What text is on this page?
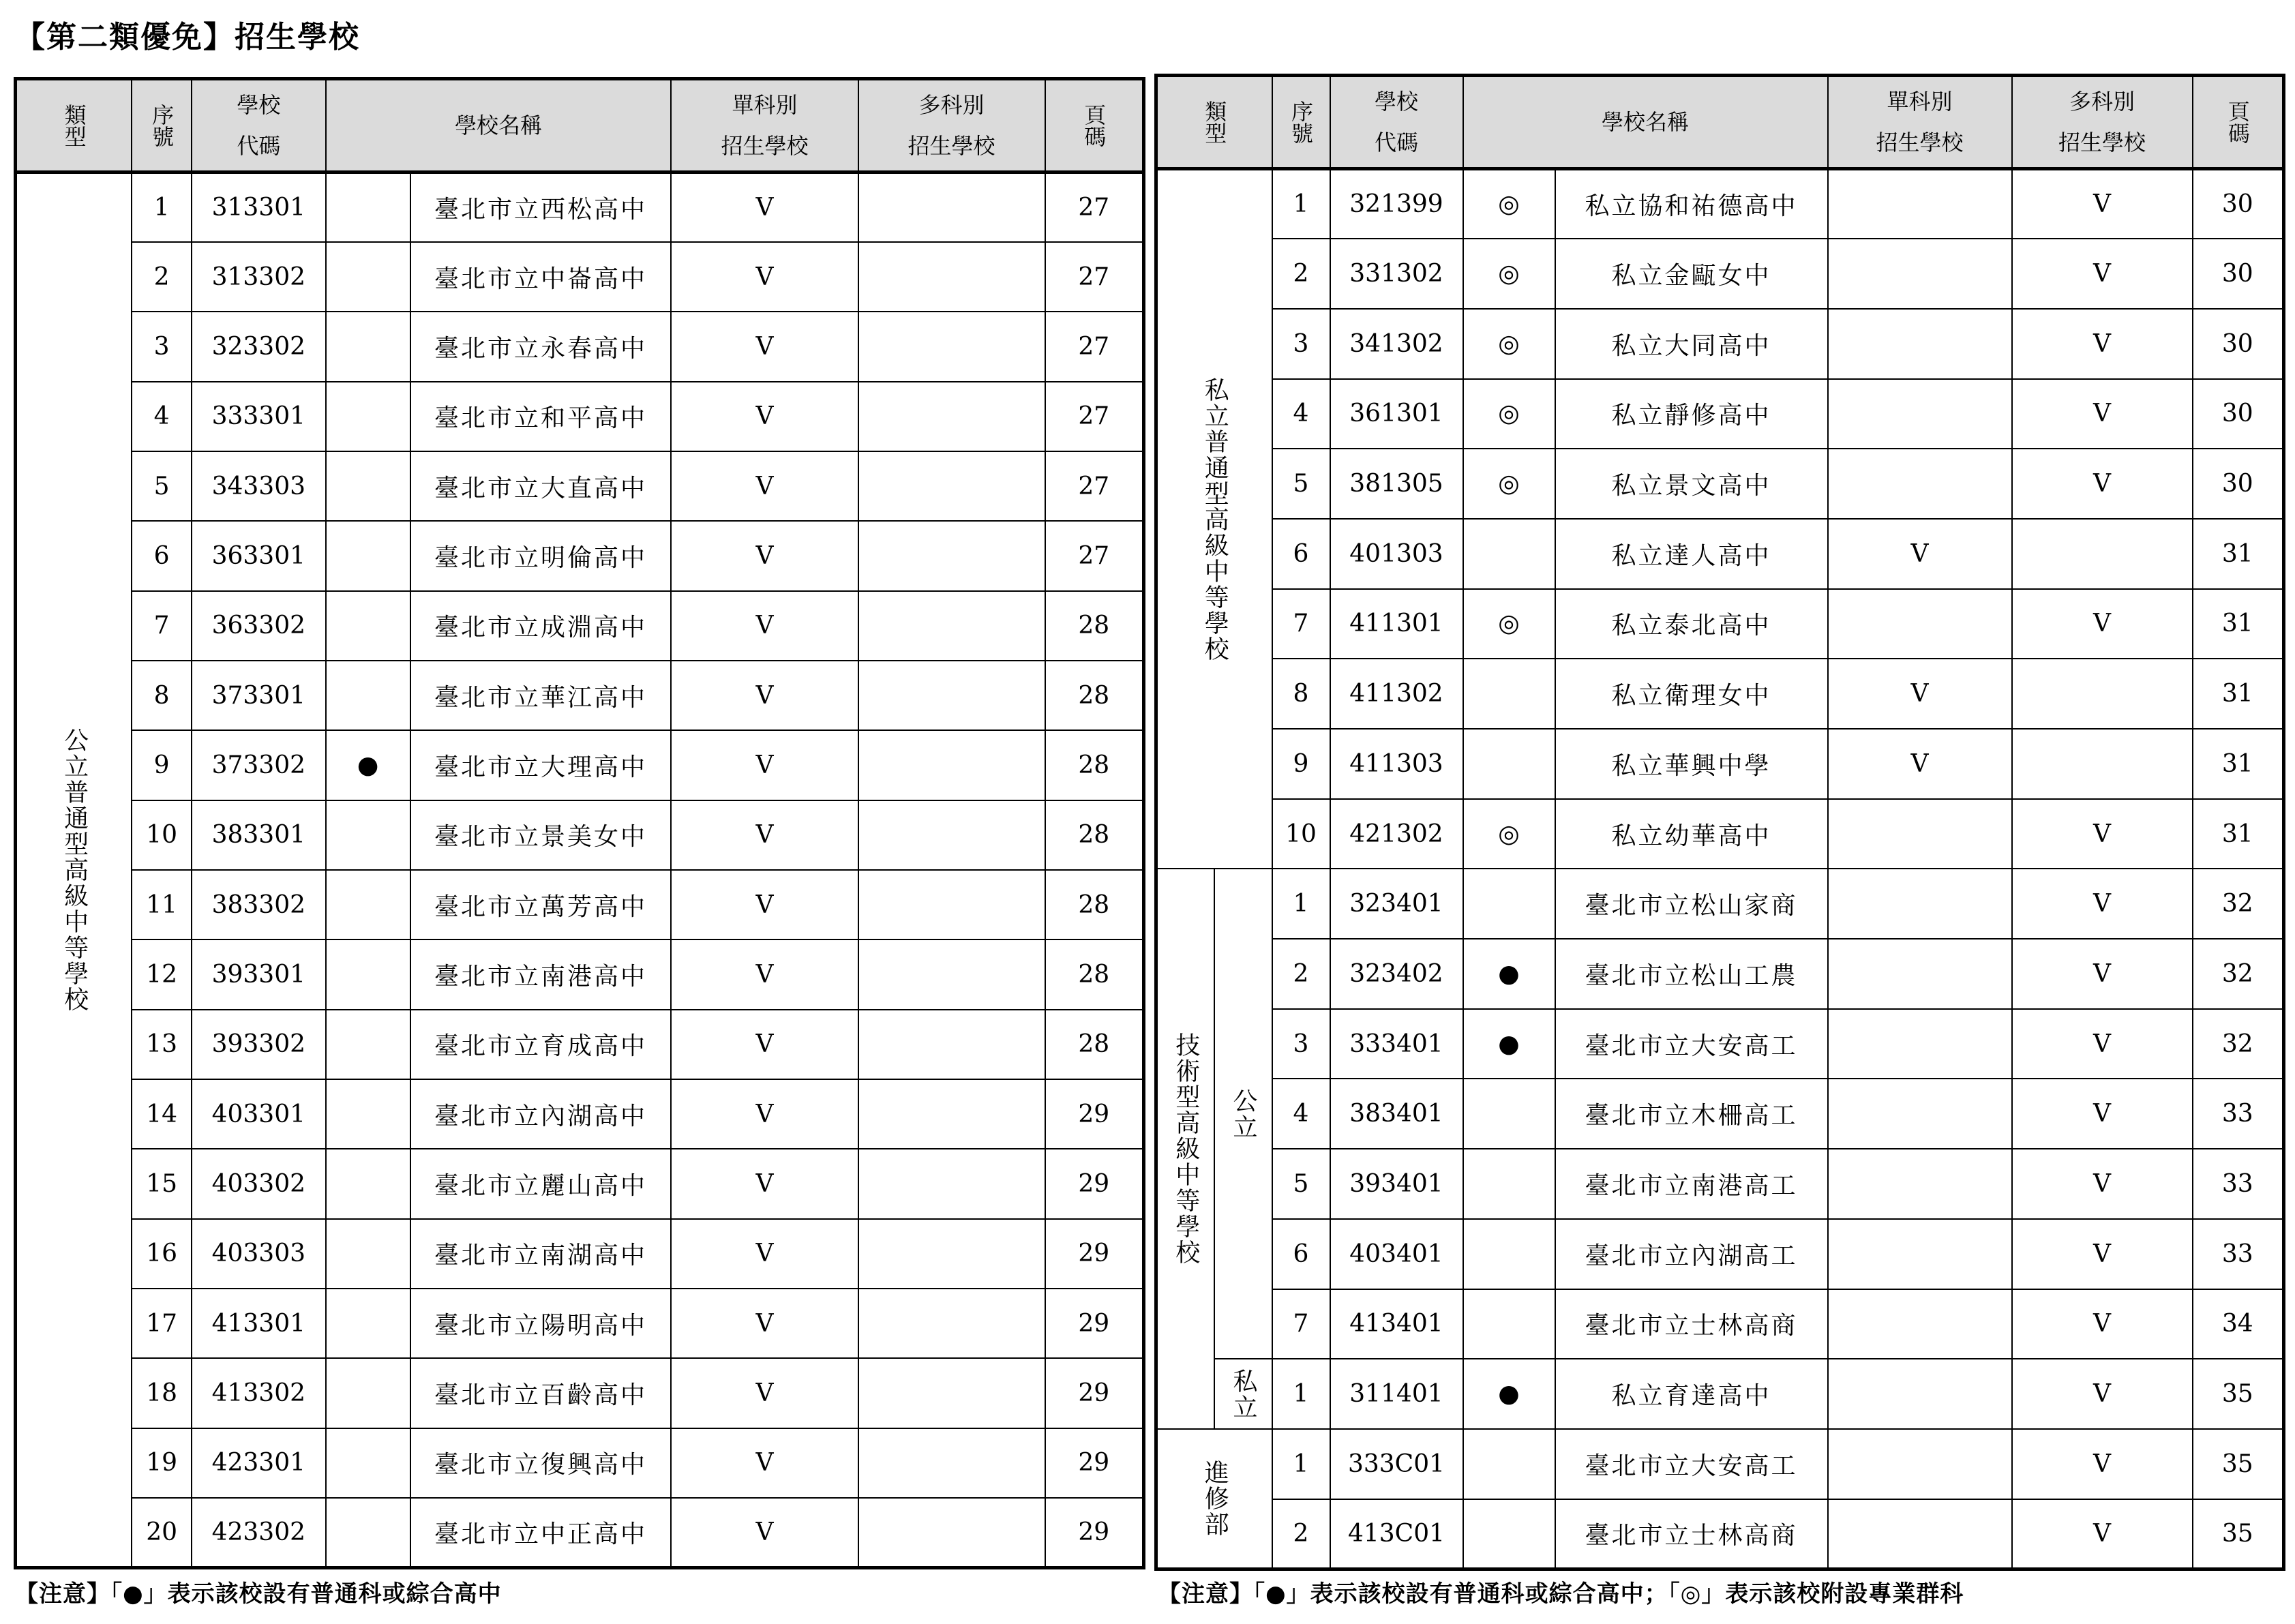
【第二類優免】招生學校
類型	序號	學校
代碼	學校名稱		單科別
招生學校	多科別
招生學校	頁碼
公立普通型高級中等學校	1	313301		臺北市立西松高中	V		27
	2	313302		臺北市立中崙高中	V		27
	3	323302		臺北市立永春高中	V		27
	4	333301		臺北市立和平高中	V		27
	5	343303		臺北市立大直高中	V		27
	6	363301		臺北市立明倫高中	V		27
	7	363302		臺北市立成淵高中	V		28
	8	373301		臺北市立華江高中	V		28
	9	373302	●	臺北市立大理高中	V		28
	10	383301		臺北市立景美女中	V		28
	11	383302		臺北市立萬芳高中	V		28
	12	393301		臺北市立南港高中	V		28
	13	393302		臺北市立育成高中	V		28
	14	403301		臺北市立內湖高中	V		29
	15	403302		臺北市立麗山高中	V		29
	16	403303		臺北市立南湖高中	V		29
	17	413301		臺北市立陽明高中	V		29
	18	413302		臺北市立百齡高中	V		29
	19	423301		臺北市立復興高中	V		29
	20	423302		臺北市立中正高中	V		29
類型		序號	學校
代碼	學校名稱		單科別
招生學校	多科別
招生學校	頁碼
私立普通型高級中等學校		1	321399	◎	私立協和祐德高中		V	30
		2	331302	◎	私立金甌女中		V	30
		3	341302	◎	私立大同高中		V	30
		4	361301	◎	私立靜修高中		V	30
		5	381305	◎	私立景文高中		V	30
		6	401303		私立達人高中	V		31
		7	411301	◎	私立泰北高中		V	31
		8	411302		私立衛理女中	V		31
		9	411303		私立華興中學	V		31
		10	421302	◎	私立幼華高中		V	31
技術型高級中等學校	公立	1	323401		臺北市立松山家商		V	32
		2	323402	●	臺北市立松山工農		V	32
		3	333401	●	臺北市立大安高工		V	32
		4	383401		臺北市立木柵高工		V	33
		5	393401		臺北市立南港高工		V	33
		6	403401		臺北市立內湖高工		V	33
		7	413401		臺北市立士林高商		V	34
	私立	1	311401	●	私立育達高中		V	35
進修部		1	333C01		臺北市立大安高工		V	35
		2	413C01		臺北市立士林高商		V	35
【注意】「●」表示該校設有普通科或綜合高中	【注意】「●」表示該校設有普通科或綜合高中；「◎」表示該校附設專業群科
